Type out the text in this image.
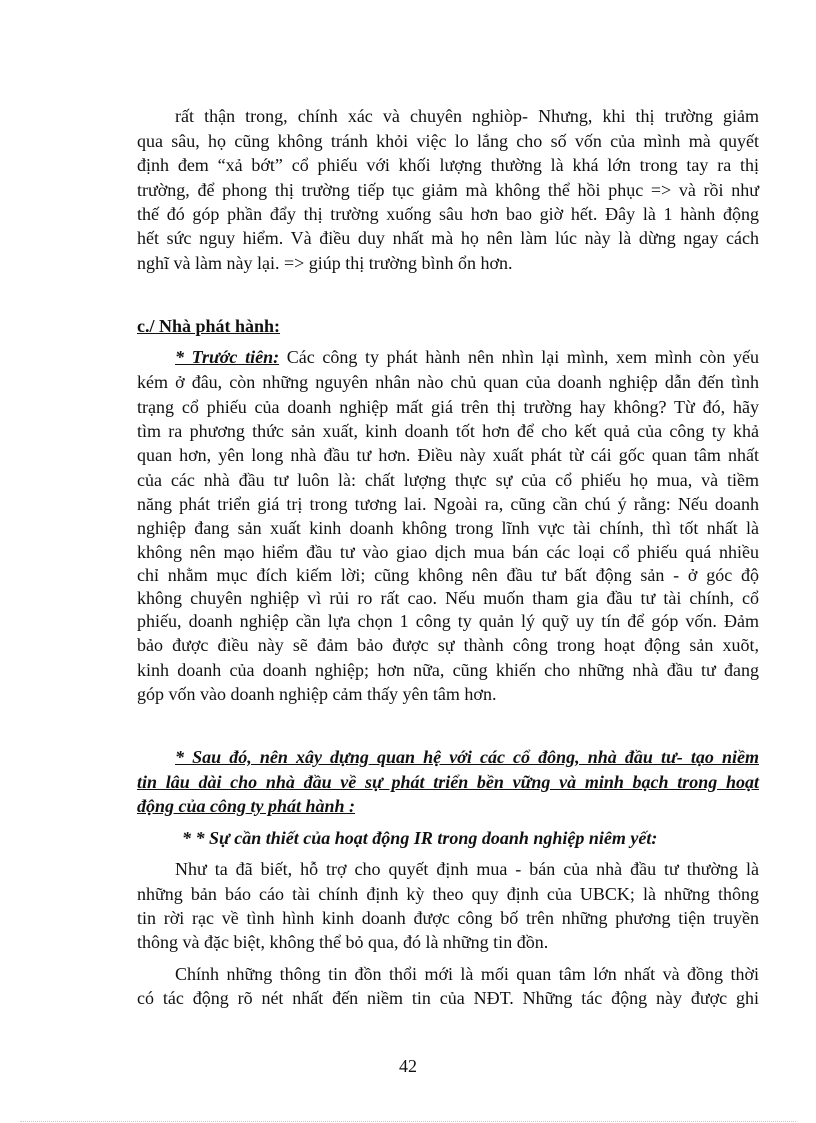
rất thận trong, chính xác và chuyên nghiòp- Nhưng, khi thị trường giảm
qua sâu, họ cũng không tránh khỏi việc lo lắng cho số vốn của mình mà quyết
định đem “xả bớt” cổ phiếu với khối lượng thường là khá lớn trong tay ra thị
trường, để phong thị trường tiếp tục giảm mà không thể hồi phục => và rồi như
thế đó góp phần đẩy thị trường xuống sâu hơn bao giờ hết. Đây là 1 hành động
hết sức nguy hiểm. Và điều duy nhất mà họ nên làm lúc này là dừng ngay cách
nghĩ và làm này lại. => giúp thị trường bình ổn hơn.
c./ Nhà phát hành:
* Trước tiên: Các công ty phát hành nên nhìn lại mình, xem mình còn yếu
kém ở đâu, còn những nguyên nhân nào chủ quan của doanh nghiệp dẫn đến tình
trạng cổ phiếu của doanh nghiệp mất giá trên thị trường hay không? Từ đó, hãy
tìm ra phương thức sản xuất, kinh doanh tốt hơn để cho kết quả của công ty khả
quan hơn, yên long nhà đầu tư hơn. Điều này xuất phát từ cái gốc quan tâm nhất
của các nhà đầu tư luôn là: chất lượng thực sự của cổ phiếu họ mua, và tiềm
năng phát triển giá trị trong tương lai. Ngoài ra, cũng cần chú ý rằng: Nếu doanh
nghiệp đang sản xuất kinh doanh không trong lĩnh vực tài chính, thì tốt nhất là
không nên mạo hiểm đầu tư vào giao dịch mua bán các loại cổ phiếu quá nhiều
chỉ nhằm mục đích kiếm lời; cũng không nên đầu tư bất động sản - ở góc độ
không chuyên nghiệp vì rủi ro rất cao. Nếu muốn tham gia đầu tư tài chính, cổ
phiếu, doanh nghiệp cần lựa chọn 1 công ty quản lý quỹ uy tín để góp vốn. Đảm
bảo được điều này sẽ đảm bảo được sự thành công trong hoạt động sản xuõt,
kinh doanh của doanh nghiệp; hơn nữa, cũng khiến cho những nhà đầu tư đang
góp vốn vào doanh nghiệp cảm thấy yên tâm hơn.
* Sau đó, nên xây dựng quan hệ với các cổ đông, nhà đầu tư- tạo niềm
tin lâu dài cho nhà đầu về sự phát triển bền vững và minh bạch trong hoạt
động của công ty phát hành :
* * Sự cần thiết của hoạt động IR trong doanh nghiệp niêm yết:
Như ta đã biết, hỗ trợ cho quyết định mua - bán của nhà đầu tư thường là
những bản báo cáo tài chính định kỳ theo quy định của UBCK; là những thông
tin rời rạc về tình hình kinh doanh được công bố trên những phương tiện truyền
thông và đặc biệt, không thể bỏ qua, đó là những tin đồn.
Chính những thông tin đồn thổi mới là mối quan tâm lớn nhất và đồng thời
có tác động rõ nét nhất đến niềm tin của NĐT. Những tác động này được ghi
42
